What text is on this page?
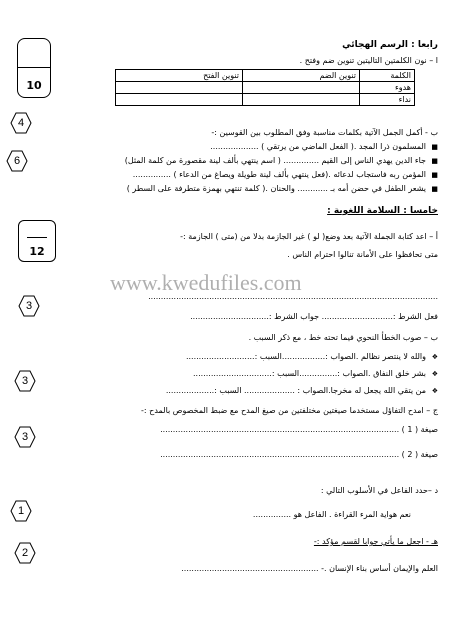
10
4
رابعا : الرسم الهجائي
ا – نون الكلمتين التاليتين تنوين ضم وفتح .
الكلمة	تنوين الضم	تنوين الفتح
هدوء		
نداء		
ب - أكمل الجمل الآتية بكلمات مناسبة وفق المطلوب بين القوسين :-
6
■
المسلمون ذرا المجد .( الفعل الماضي من يرتقي ) ...................
■
جاء الدين يهدي الناس إلى القيم .............. ( اسم ينتهي بألف لينة مقصورة من كلمة المثل)
■
المؤمن ربه فاستجاب لدعائه .(فعل ينتهي بألف لينة طويلة ويصاغ من الدعاء ) ...............
■
يشعر الطفل في حضن أمه بـ ............ والحنان .( كلمة تنتهي بهمزة متطرفة على السطر )
خامسا : السلامة اللغوية :
12
أ – اعد كتابة الجملة الآتية بعد وضع( لو ) غير الجازمة بدلا من (متى ) الجازمة :-
متى تحافظوا على الأمانة تنالوا احترام الناس .
www.kwedufiles.com
3
..................................................................................................................
فعل الشرط :............................ جواب الشرط :...............................
ب – صوب الخطأ النحوي فيما تحته خط ، مع ذكر السبب .
3
❖
والله لا ينتصر نظالم .الصواب :.................السبب :...........................
❖
بشر خلق النفاق .الصواب :...............السبب :...............................
❖
من يتقي الله يجعل له مخرجا.الصواب : .................... السبب :...................
ج – امدح التفاؤل مستخدما صيغتين مختلفتين من صيغ المدح مع ضبط المخصوص بالمدح :-
3
صيغة ( 1 ) ..............................................................................................
صيغة ( 2 ) ..............................................................................................
د –حدد الفاعل في الأسلوب التالي :
1	نعم هواية المرء القراءة . الفاعل هو ...............
هـ - اجعل ما يأتي جوابا لقسم مؤكد :-
2
العلم والإيمان أساس بناء الإنسان .- ......................................................
